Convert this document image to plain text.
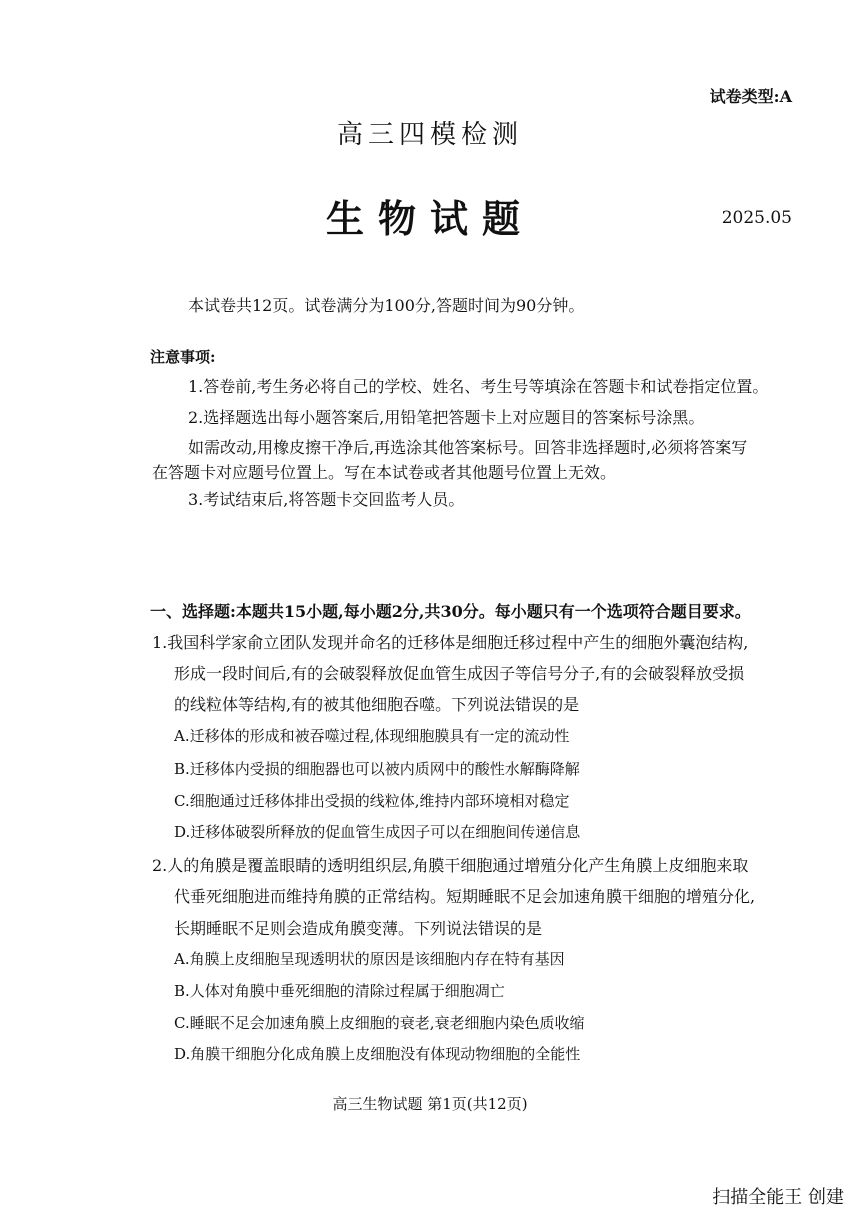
试卷类型:A
高三四模检测
生物试题	2025.05
本试卷共12页。试卷满分为100分,答题时间为90分钟。
注意事项:
1.答卷前,考生务必将自己的学校、姓名、考生号等填涂在答题卡和试卷指定位置。
2.选择题选出每小题答案后,用铅笔把答题卡上对应题目的答案标号涂黑。
如需改动,用橡皮擦干净后,再选涂其他答案标号。回答非选择题时,必须将答案写
在答题卡对应题号位置上。写在本试卷或者其他题号位置上无效。
3.考试结束后,将答题卡交回监考人员。
一、选择题:本题共15小题,每小题2分,共30分。每小题只有一个选项符合题目要求。
1.我国科学家俞立团队发现并命名的迁移体是细胞迁移过程中产生的细胞外囊泡结构,
形成一段时间后,有的会破裂释放促血管生成因子等信号分子,有的会破裂释放受损
的线粒体等结构,有的被其他细胞吞噬。下列说法错误的是
A.迁移体的形成和被吞噬过程,体现细胞膜具有一定的流动性
B.迁移体内受损的细胞器也可以被内质网中的酸性水解酶降解
C.细胞通过迁移体排出受损的线粒体,维持内部环境相对稳定
D.迁移体破裂所释放的促血管生成因子可以在细胞间传递信息
2.人的角膜是覆盖眼睛的透明组织层,角膜干细胞通过增殖分化产生角膜上皮细胞来取
代垂死细胞进而维持角膜的正常结构。短期睡眠不足会加速角膜干细胞的增殖分化,
长期睡眠不足则会造成角膜变薄。下列说法错误的是
A.角膜上皮细胞呈现透明状的原因是该细胞内存在特有基因
B.人体对角膜中垂死细胞的清除过程属于细胞凋亡
C.睡眠不足会加速角膜上皮细胞的衰老,衰老细胞内染色质收缩
D.角膜干细胞分化成角膜上皮细胞没有体现动物细胞的全能性
高三生物试题 第1页(共12页)
扫描全能王 创建
